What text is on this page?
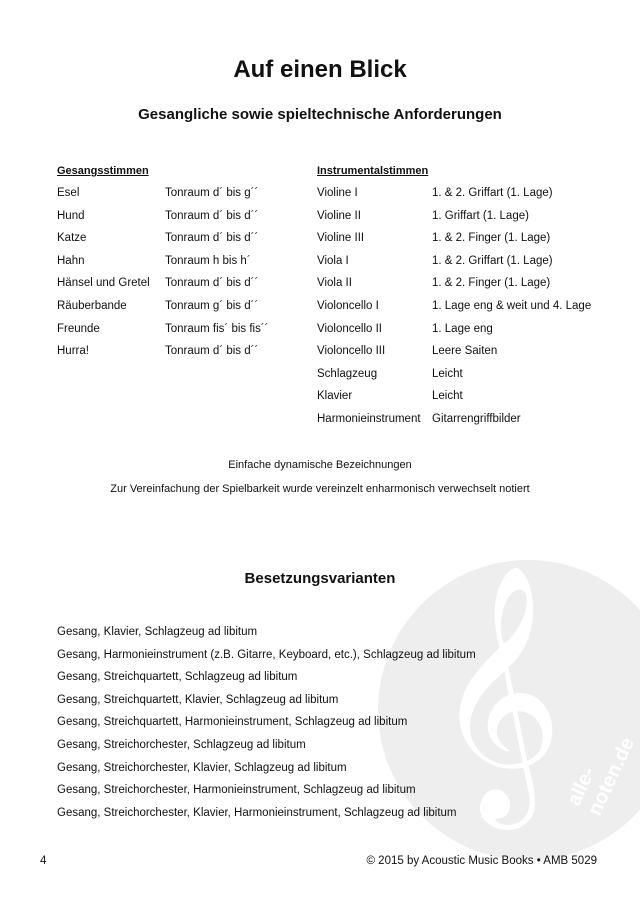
𝄞 alle-noten.de
Auf einen Blick
Gesangliche sowie spieltechnische Anforderungen
Gesangsstimmen	Instrumentalstimmen
Esel	Tonraum d´ bis g´´
Hund	Tonraum d´ bis d´´
Katze	Tonraum d´ bis d´´
Hahn	Tonraum h bis h´
Hänsel und Gretel Tonraum d´ bis d´´
Räuberbande	Tonraum g´ bis d´´
Freunde	Tonraum fis´ bis fis´´
Hurra!	Tonraum d´ bis d´´
Violine I	1. & 2. Griffart (1. Lage)
Violine II	1. Griffart (1. Lage)
Violine III	1. & 2. Finger (1. Lage)
Viola I	1. & 2. Griffart (1. Lage)
Viola II	1. & 2. Finger (1. Lage)
Violoncello I	1. Lage eng & weit und 4. Lage
Violoncello II	1. Lage eng
Violoncello III	Leere Saiten
Schlagzeug	Leicht
Klavier	Leicht
Harmonieinstrument Gitarrengriffbilder
Einfache dynamische Bezeichnungen
Zur Vereinfachung der Spielbarkeit wurde vereinzelt enharmonisch verwechselt notiert
Besetzungsvarianten
Gesang, Klavier, Schlagzeug ad libitum
Gesang, Harmonieinstrument (z.B. Gitarre, Keyboard, etc.), Schlagzeug ad libitum
Gesang, Streichquartett, Schlagzeug ad libitum
Gesang, Streichquartett, Klavier, Schlagzeug ad libitum
Gesang, Streichquartett, Harmonieinstrument, Schlagzeug ad libitum
Gesang, Streichorchester, Schlagzeug ad libitum
Gesang, Streichorchester, Klavier, Schlagzeug ad libitum
Gesang, Streichorchester, Harmonieinstrument, Schlagzeug ad libitum
Gesang, Streichorchester, Klavier, Harmonieinstrument, Schlagzeug ad libitum
4	© 2015 by Acoustic Music Books • AMB 5029
